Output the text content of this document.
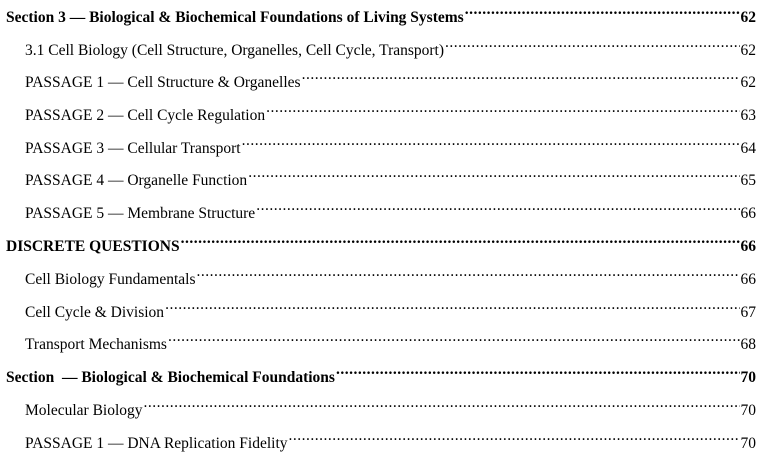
Section 3 — Biological & Biochemical Foundations of Living Systems .....	62
3.1 Cell Biology (Cell Structure, Organelles, Cell Cycle, Transport) .....	62
PASSAGE 1 — Cell Structure & Organelles .....	62
PASSAGE 2 — Cell Cycle Regulation .....	63
PASSAGE 3 — Cellular Transport .....	64
PASSAGE 4 — Organelle Function .....	65
PASSAGE 5 — Membrane Structure .....	66
DISCRETE QUESTIONS .....	66
Cell Biology Fundamentals .....	66
Cell Cycle & Division .....	67
Transport Mechanisms .....	68
Section  — Biological & Biochemical Foundations .....	70
Molecular Biology .....	70
PASSAGE 1 — DNA Replication Fidelity .....	70
